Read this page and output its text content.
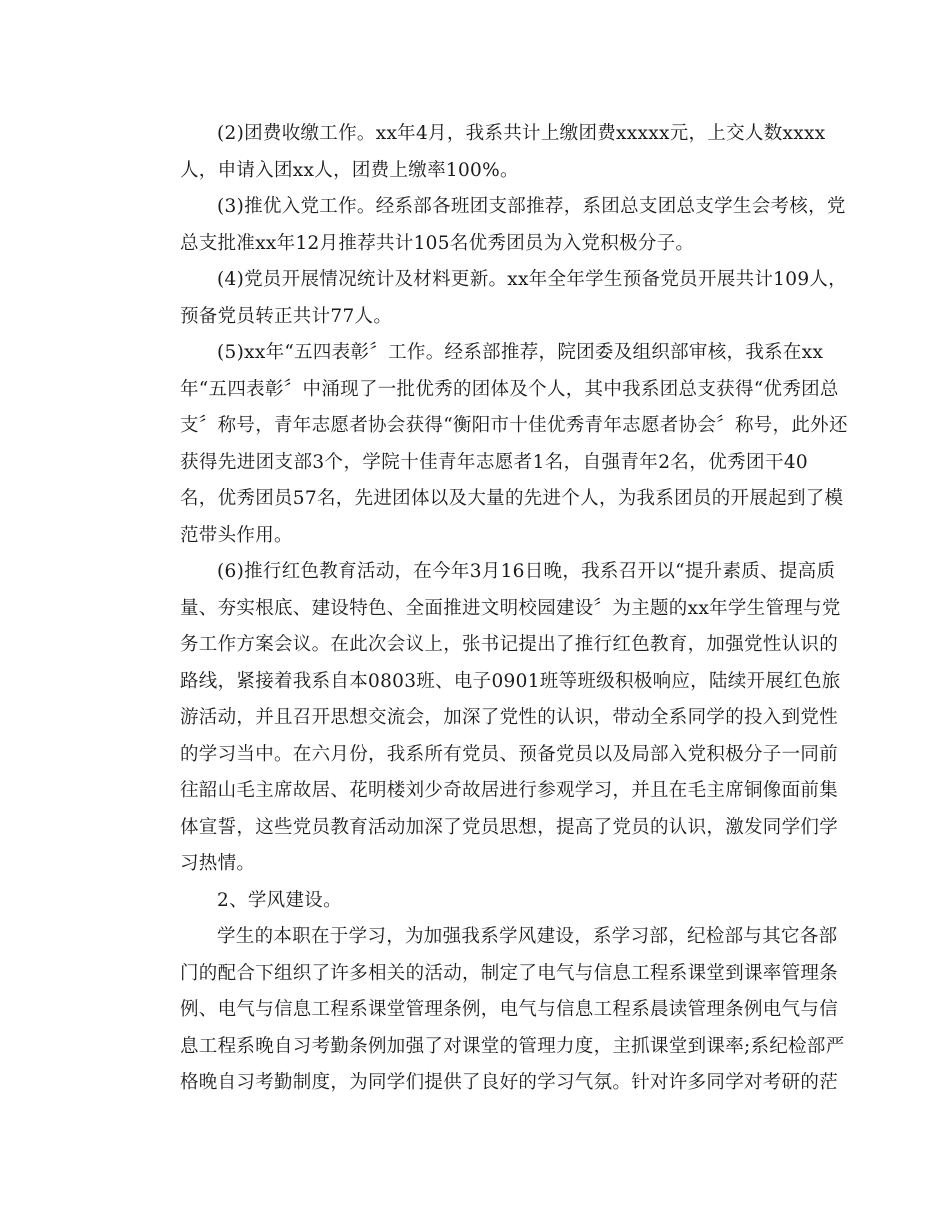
(2)团费收缴工作。xx年4月，我系共计上缴团费xxxxx元，上交人数xxxx
人，申请入团xx人，团费上缴率100%。
(3)推优入党工作。经系部各班团支部推荐，系团总支团总支学生会考核，党
总支批准xx年12月推荐共计105名优秀团员为入党积极分子。
(4)党员开展情况统计及材料更新。xx年全年学生预备党员开展共计109人，
预备党员转正共计77人。
(5)xx年“五四表彰〞工作。经系部推荐，院团委及组织部审核，我系在xx
年“五四表彰〞中涌现了一批优秀的团体及个人，其中我系团总支获得“优秀团总
支〞称号，青年志愿者协会获得“衡阳市十佳优秀青年志愿者协会〞称号，此外还
获得先进团支部3个，学院十佳青年志愿者1名，自强青年2名，优秀团干40
名，优秀团员57名，先进团体以及大量的先进个人，为我系团员的开展起到了模
范带头作用。
(6)推行红色教育活动，在今年3月16日晚，我系召开以“提升素质、提高质
量、夯实根底、建设特色、全面推进文明校园建设〞为主题的xx年学生管理与党
务工作方案会议。在此次会议上，张书记提出了推行红色教育，加强党性认识的
路线，紧接着我系自本0803班、电子0901班等班级积极响应，陆续开展红色旅
游活动，并且召开思想交流会，加深了党性的认识，带动全系同学的投入到党性
的学习当中。在六月份，我系所有党员、预备党员以及局部入党积极分子一同前
往韶山毛主席故居、花明楼刘少奇故居进行参观学习，并且在毛主席铜像面前集
体宣誓，这些党员教育活动加深了党员思想，提高了党员的认识，激发同学们学
习热情。
2、学风建设。
学生的本职在于学习，为加强我系学风建设，系学习部，纪检部与其它各部
门的配合下组织了许多相关的活动，制定了电气与信息工程系课堂到课率管理条
例、电气与信息工程系课堂管理条例，电气与信息工程系晨读管理条例电气与信
息工程系晚自习考勤条例加强了对课堂的管理力度，主抓课堂到课率;系纪检部严
格晚自习考勤制度，为同学们提供了良好的学习气氛。针对许多同学对考研的茫
